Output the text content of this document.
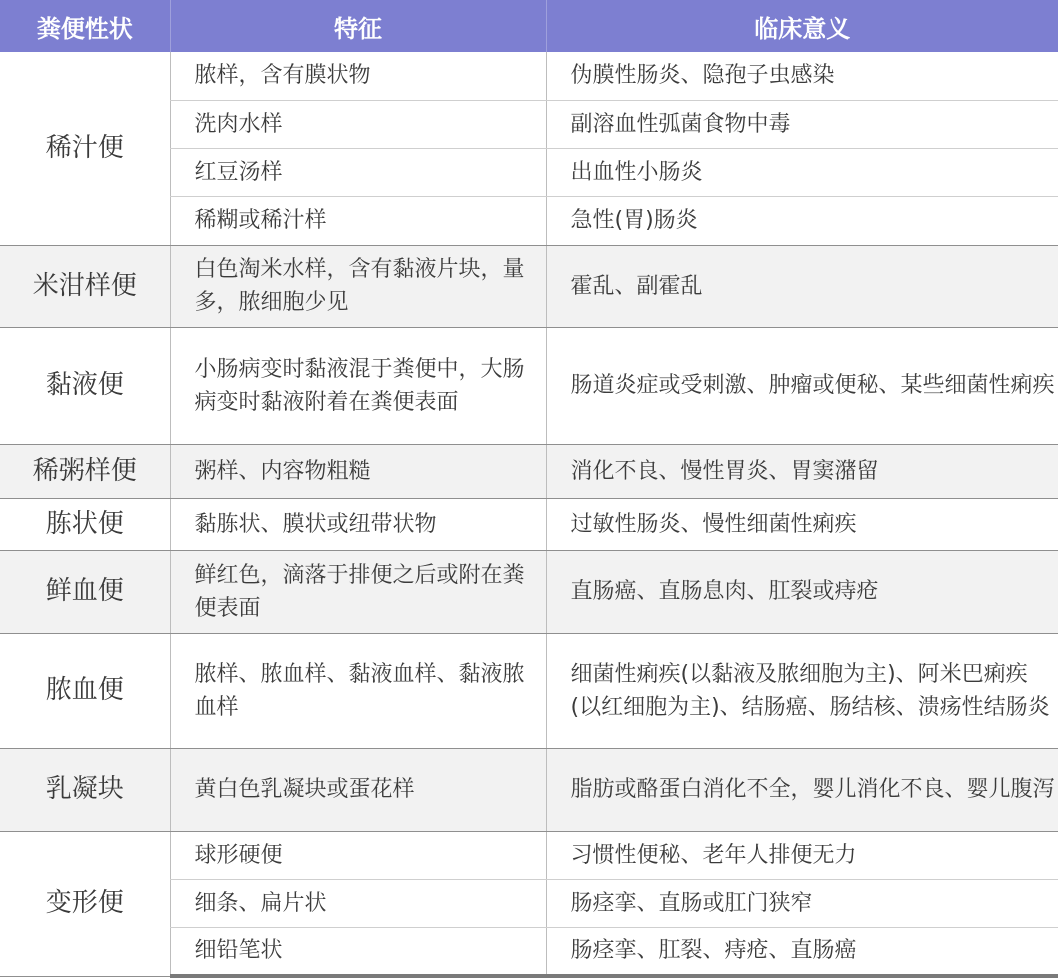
粪便性状	特征	临床意义
稀汁便	脓样，含有膜状物	伪膜性肠炎、隐孢子虫感染
	洗肉水样	副溶血性弧菌食物中毒
	红豆汤样	出血性小肠炎
	稀糊或稀汁样	急性(胃)肠炎
米泔样便	白色淘米水样，含有黏液片块，量多，脓细胞少见	霍乱、副霍乱
黏液便	小肠病变时黏液混于粪便中，大肠病变时黏液附着在粪便表面	肠道炎症或受刺激、肿瘤或便秘、某些细菌性痢疾
稀粥样便	粥样、内容物粗糙	消化不良、慢性胃炎、胃窦潴留
胨状便	黏胨状、膜状或纽带状物	过敏性肠炎、慢性细菌性痢疾
鲜血便	鲜红色，滴落于排便之后或附在粪便表面	直肠癌、直肠息肉、肛裂或痔疮
脓血便	脓样、脓血样、黏液血样、黏液脓血样	细菌性痢疾(以黏液及脓细胞为主)、阿米巴痢疾(以红细胞为主)、结肠癌、肠结核、溃疡性结肠炎
乳凝块	黄白色乳凝块或蛋花样	脂肪或酪蛋白消化不全，婴儿消化不良、婴儿腹泻
变形便	球形硬便	习惯性便秘、老年人排便无力
	细条、扁片状	肠痉挛、直肠或肛门狭窄
	细铅笔状	肠痉挛、肛裂、痔疮、直肠癌
